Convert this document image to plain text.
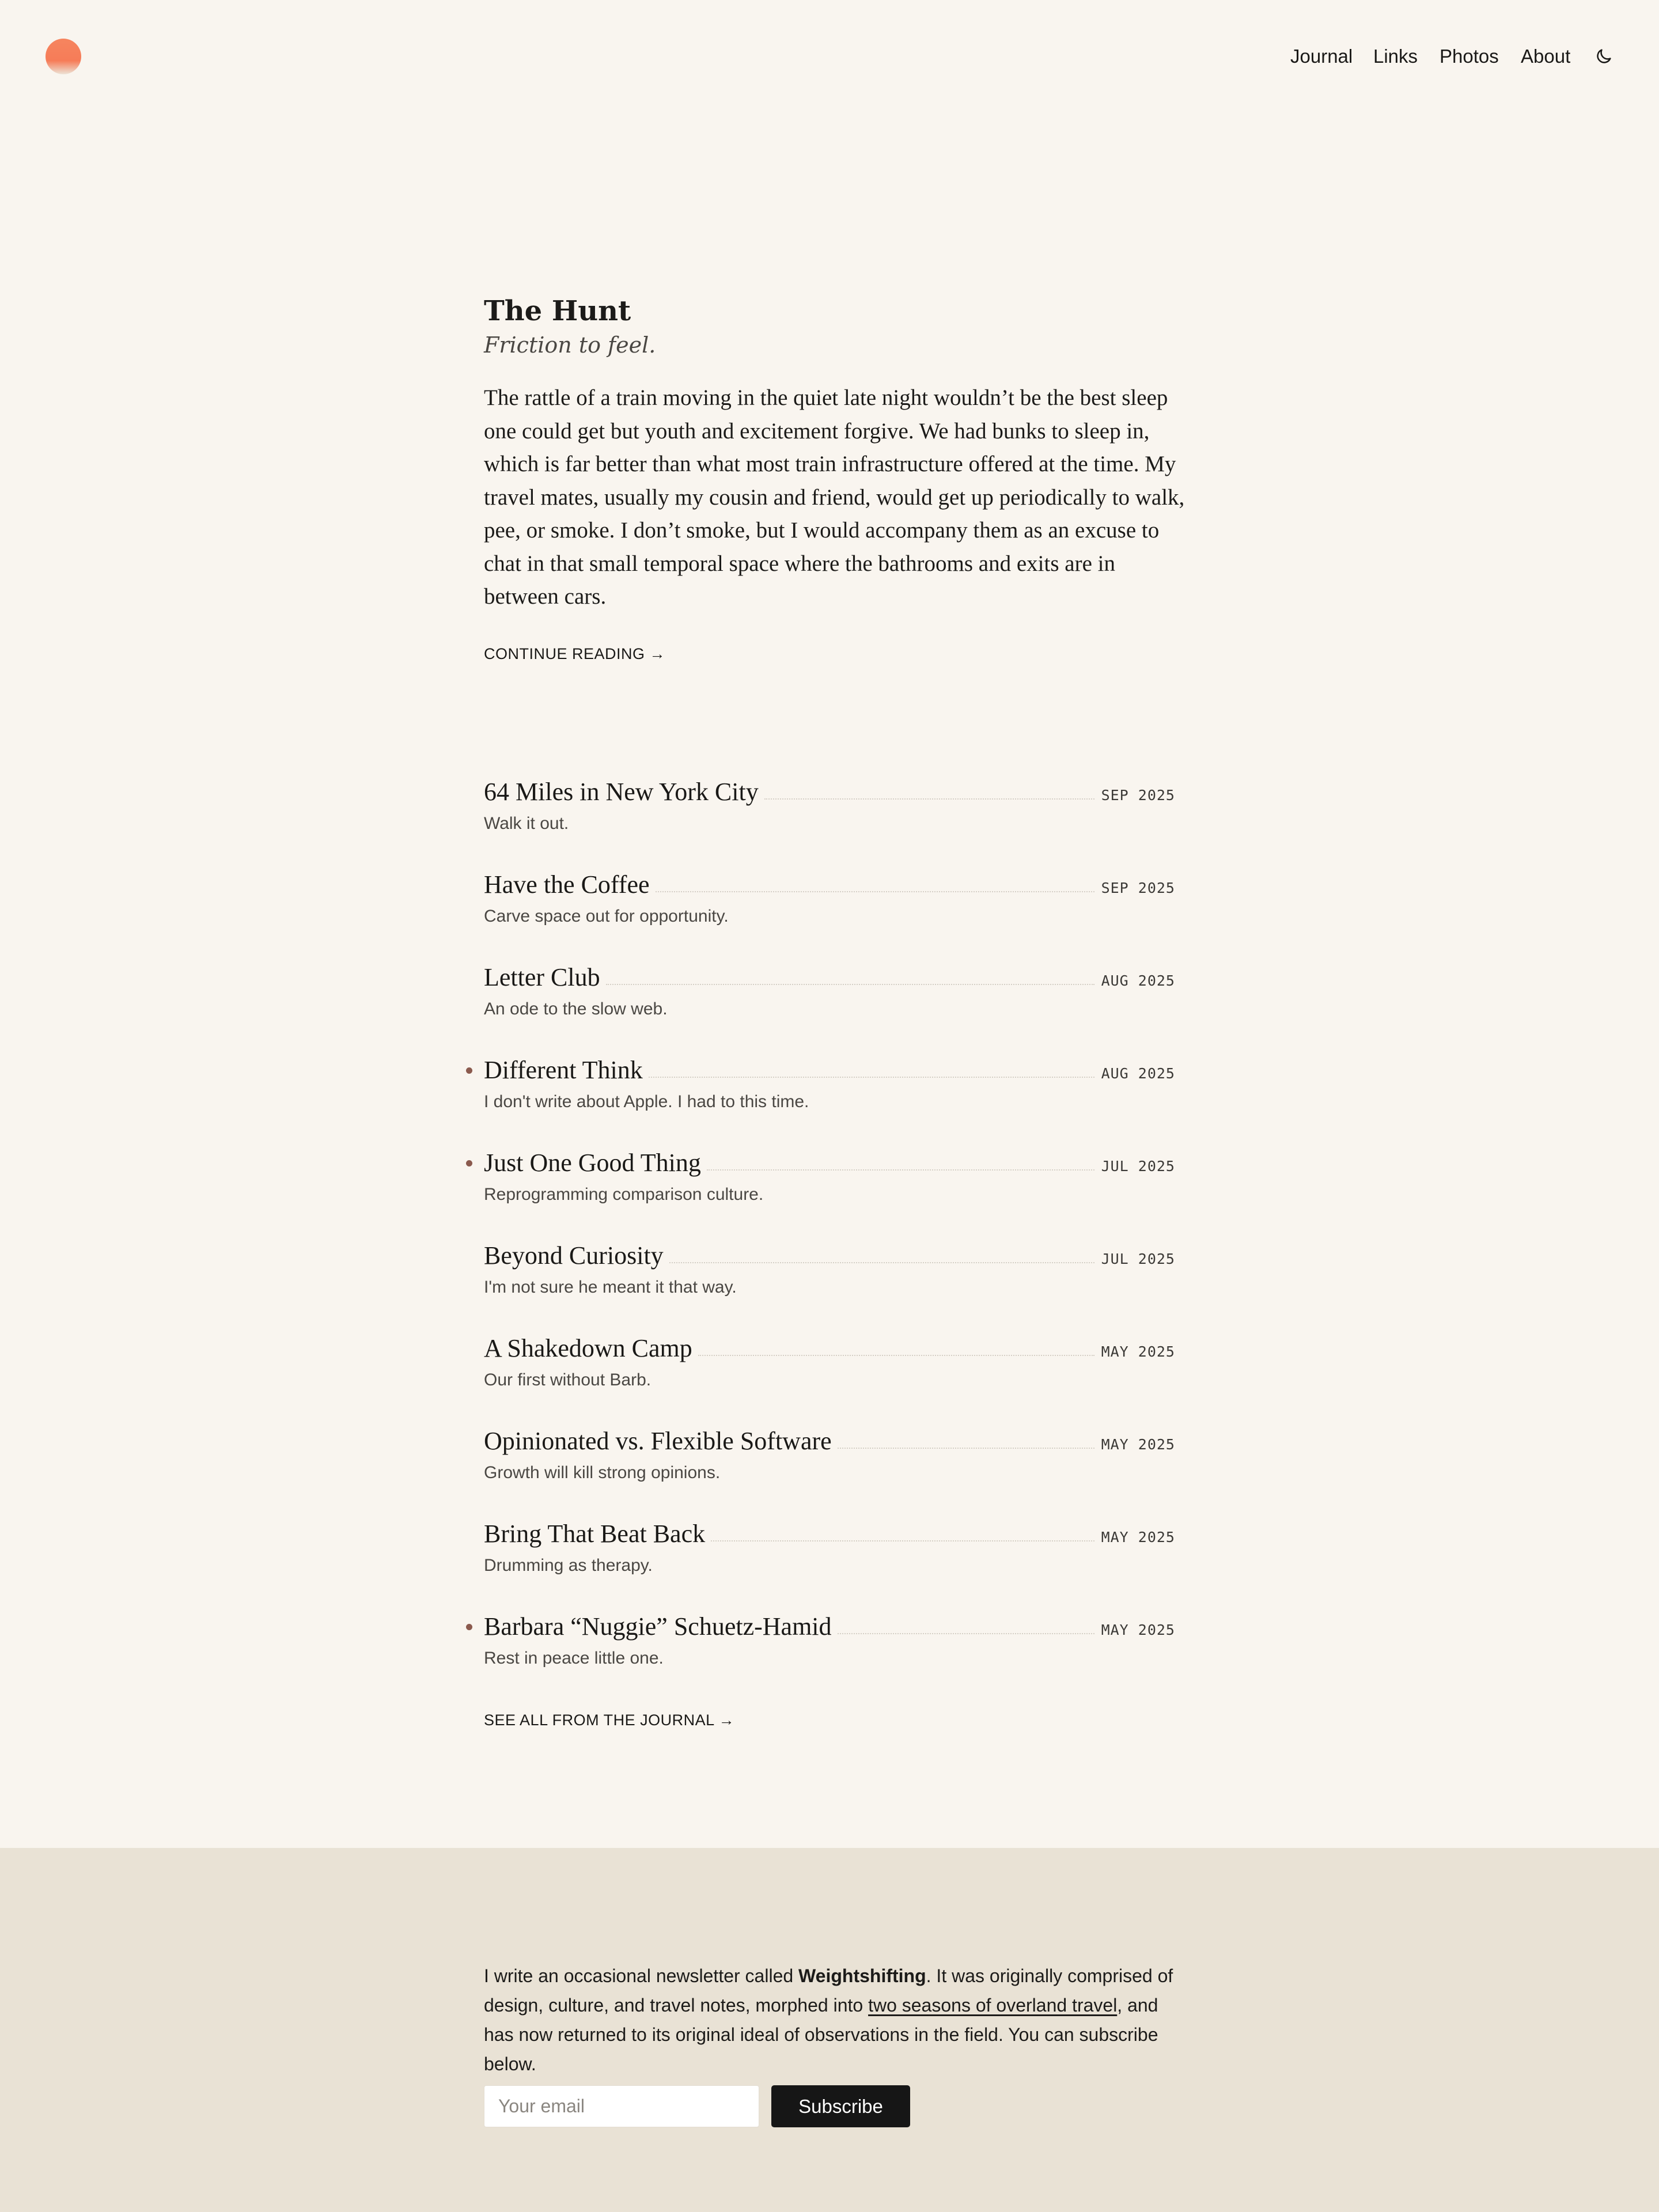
Journal Links Photos About
The Hunt

Friction to feel.

The rattle of a train moving in the quiet late night wouldn’t be the best sleep one could get but youth and excitement forgive. We had bunks to sleep in, which is far better than what most train infrastructure offered at the time. My travel mates, usually my cousin and friend, would get up periodically to walk, pee, or smoke. I don’t smoke, but I would accompany them as an excuse to chat in that small temporal space where the bathrooms and exits are in between cars.

CONTINUE READING →
64 Miles in New York City	SEP 2025
Walk it out.
Have the Coffee	SEP 2025
Carve space out for opportunity.
Letter Club	AUG 2025
An ode to the slow web.
Different Think	AUG 2025
I don't write about Apple. I had to this time.
Just One Good Thing	JUL 2025
Reprogramming comparison culture.
Beyond Curiosity	JUL 2025
I'm not sure he meant it that way.
A Shakedown Camp	MAY 2025
Our first without Barb.
Opinionated vs. Flexible Software	MAY 2025
Growth will kill strong opinions.
Bring That Beat Back	MAY 2025
Drumming as therapy.
Barbara “Nuggie” Schuetz-Hamid	MAY 2025
Rest in peace little one.
SEE ALL FROM THE JOURNAL →

I write an occasional newsletter called Weightshifting. It was originally comprised of design, culture, and travel notes, morphed into two seasons of overland travel, and has now returned to its original ideal of observations in the field. You can subscribe below.

Your email
Subscribe
